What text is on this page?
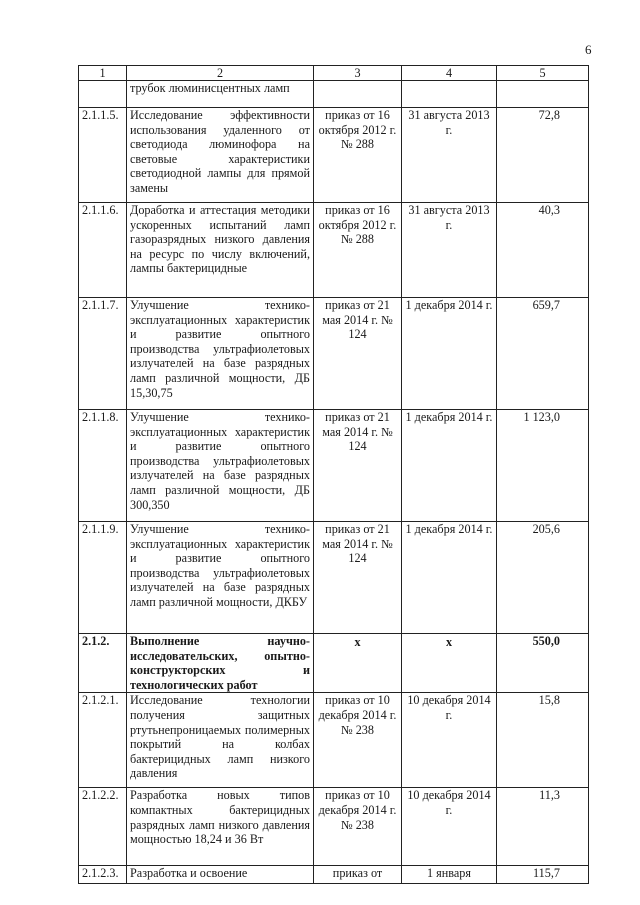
6
1	2	3	4	5
	трубок люминисцентных ламп			
2.1.1.5.	Исследование эффективности использования удаленного от светодиода люминофора на световые характеристики светодиодной лампы для прямой замены	приказ от 16 октября 2012 г. № 288	31 августа 2013 г.	72,8
2.1.1.6.	Доработка и аттестация методики ускоренных испытаний ламп газоразрядных низкого давления на ресурс по числу включений, лампы бактерицидные	приказ от 16 октября 2012 г. № 288	31 августа 2013 г.	40,3
2.1.1.7.	Улучшение технико-эксплуатационных характеристик и развитие опытного производства ультрафиолетовых излучателей на базе разрядных ламп различной мощности, ДБ 15,30,75	приказ от 21 мая 2014 г. № 124	1 декабря 2014 г.	659,7
2.1.1.8.	Улучшение технико-эксплуатационных характеристик и развитие опытного производства ультрафиолетовых излучателей на базе разрядных ламп различной мощности, ДБ 300,350	приказ от 21 мая 2014 г. № 124	1 декабря 2014 г.	1 123,0
2.1.1.9.	Улучшение технико-эксплуатационных характеристик и развитие опытного производства ультрафиолетовых излучателей на базе разрядных ламп различной мощности, ДКБУ	приказ от 21 мая 2014 г. № 124	1 декабря 2014 г.	205,6
2.1.2.	Выполнение научно-исследовательских, опытно-конструкторских и технологических работ	х	х	550,0
2.1.2.1.	Исследование технологии получения защитных ртутьнепроницаемых полимерных покрытий на колбах бактерицидных ламп низкого давления	приказ от 10 декабря 2014 г. № 238	10 декабря 2014 г.	15,8
2.1.2.2.	Разработка новых типов компактных бактерицидных разрядных ламп низкого давления мощностью 18,24 и 36 Вт	приказ от 10 декабря 2014 г. № 238	10 декабря 2014 г.	11,3
2.1.2.3.	Разработка и освоение	приказ от	1 января	115,7
